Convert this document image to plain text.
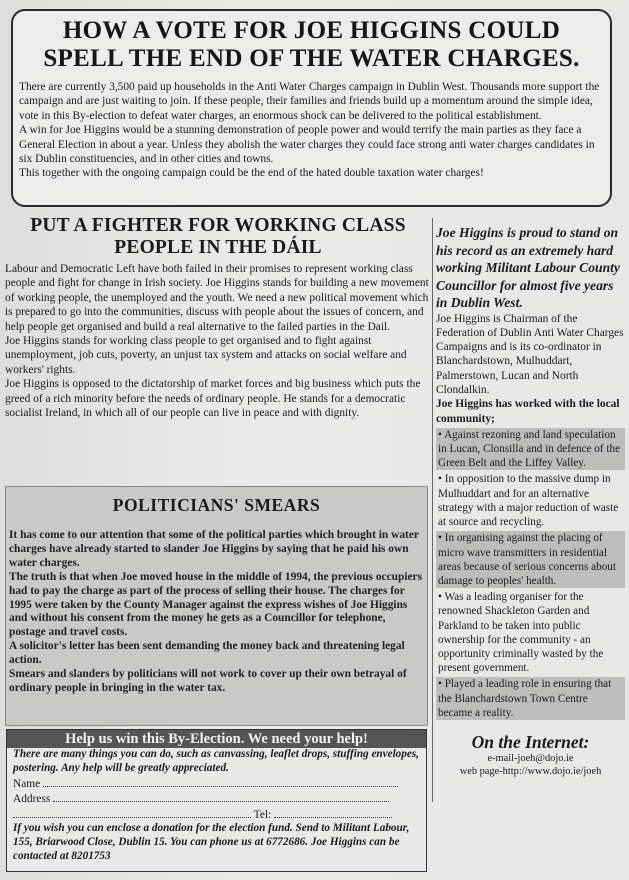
HOW A VOTE FOR JOE HIGGINS COULD
SPELL THE END OF THE WATER CHARGES.

There are currently 3,500 paid up households in the Anti Water Charges campaign in Dublin West. Thousands more support the campaign and are just waiting to join. If these people, their families and friends build up a momentum around the simple idea, vote in this By-election to defeat water charges, an enormous shock can be delivered to the political establishment.

A win for Joe Higgins would be a stunning demonstration of people power and would terrify the main parties as they face a General Election in about a year. Unless they abolish the water charges they could face strong anti water charges candidates in six Dublin constituencies, and in other cities and towns.

This together with the ongoing campaign could be the end of the hated double taxation water charges!

PUT A FIGHTER FOR WORKING CLASS
PEOPLE IN THE DÁIL

Labour and Democratic Left have both failed in their promises to represent working class people and fight for change in Irish society. Joe Higgins stands for building a new movement of working people, the unemployed and the youth. We need a new political movement which is prepared to go into the communities, discuss with people about the issues of concern, and help people get organised and build a real alternative to the failed parties in the Dail.

Joe Higgins stands for working class people to get organised and to fight against unemployment, job cuts, poverty, an unjust tax system and attacks on social welfare and workers' rights.

Joe Higgins is opposed to the dictatorship of market forces and big business which puts the greed of a rich minority before the needs of ordinary people. He stands for a democratic socialist Ireland, in which all of our people can live in peace and with dignity.

POLITICIANS' SMEARS

It has come to our attention that some of the political parties which brought in water charges have already started to slander Joe Higgins by saying that he paid his own water charges.

The truth is that when Joe moved house in the middle of 1994, the previous occupiers had to pay the charge as part of the process of selling their house. The charges for 1995 were taken by the County Manager against the express wishes of Joe Higgins and without his consent from the money he gets as a Councillor for telephone, postage and travel costs.

A solicitor's letter has been sent demanding the money back and threatening legal action.

Smears and slanders by politicians will not work to cover up their own betrayal of ordinary people in bringing in the water tax.

Help us win this By-Election. We need your help!

There are many things you can do, such as canvassing, leaflet drops, stuffing envelopes, postering. Any help will be greatly appreciated.

Name
Address
Tel:

If you wish you can enclose a donation for the election fund. Send to Militant Labour, 155, Briarwood Close, Dublin 15. You can phone us at 6772686. Joe Higgins can be contacted at 8201753

Joe Higgins is proud to stand on his record as an extremely hard working Militant Labour County Councillor for almost five years in Dublin West.

Joe Higgins is Chairman of the Federation of Dublin Anti Water Charges Campaigns and is its co-ordinator in Blanchardstown, Mulhuddart, Palmerstown, Lucan and North Clondalkin.

Joe Higgins has worked with the local community;

• Against rezoning and land speculation in Lucan, Clonsilla and in defence of the Green Belt and the Liffey Valley.

• In opposition to the massive dump in Mulhuddart and for an alternative strategy with a major reduction of waste at source and recycling.

• In organising against the placing of micro wave transmitters in residential areas because of serious concerns about damage to peoples' health.

• Was a leading organiser for the renowned Shackleton Garden and Parkland to be taken into public ownership for the community - an opportunity criminally wasted by the present government.

• Played a leading role in ensuring that the Blanchardstown Town Centre became a reality.

On the Internet:
e-mail-joeh@dojo.ie
web page-http://www.dojo.ie/joeh
